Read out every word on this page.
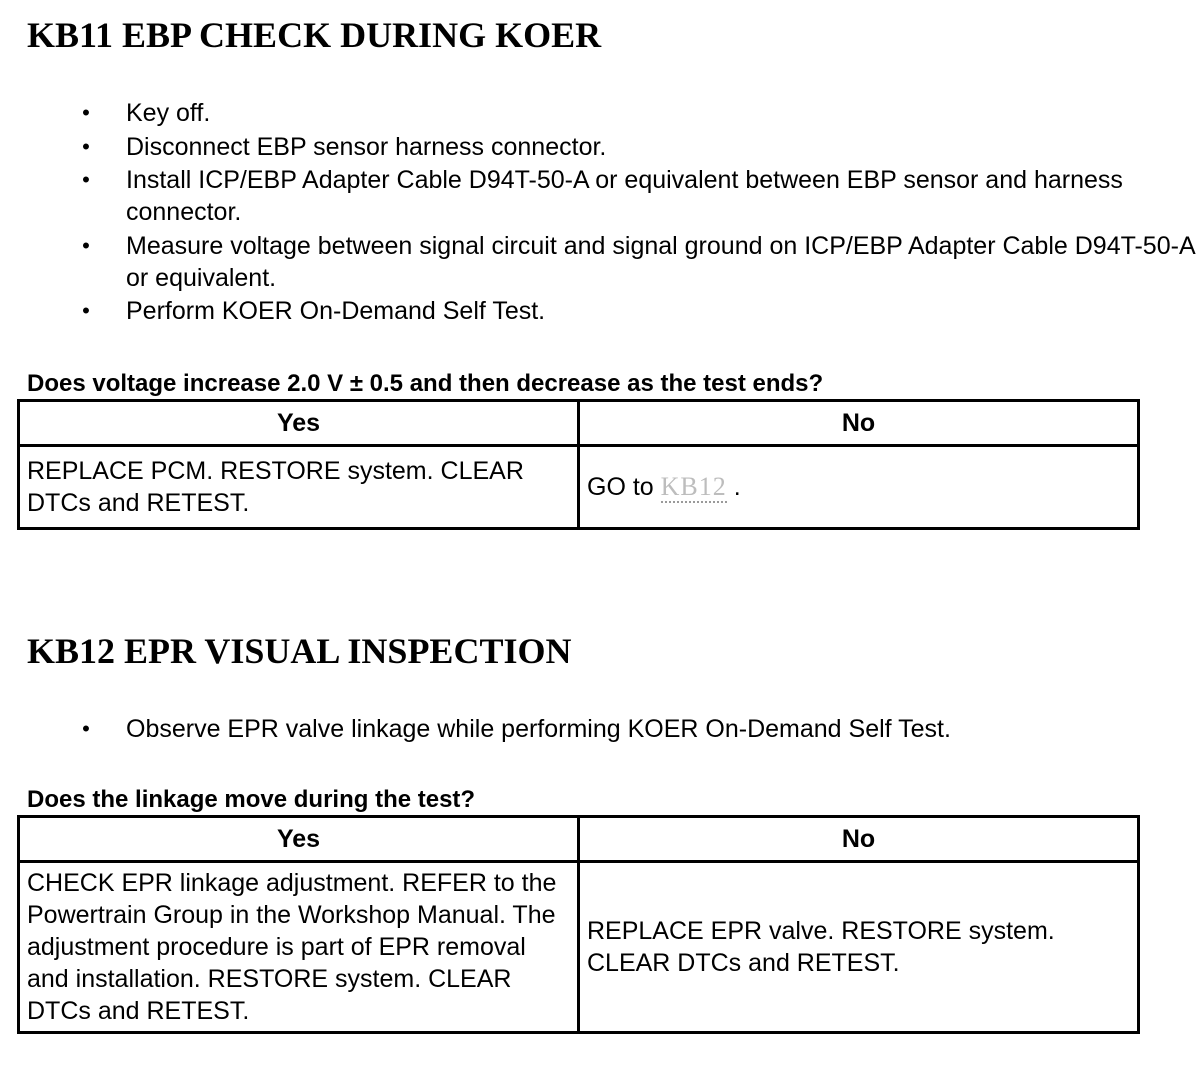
KB11 EBP CHECK DURING KOER
• Key off.
• Disconnect EBP sensor harness connector.
• Install ICP/EBP Adapter Cable D94T-50-A or equivalent between EBP sensor and harness connector.
• Measure voltage between signal circuit and signal ground on ICP/EBP Adapter Cable D94T-50-A or equivalent.
• Perform KOER On-Demand Self Test.

Does voltage increase 2.0 V ± 0.5 and then decrease as the test ends?

Yes	No
REPLACE PCM. RESTORE system. CLEAR DTCs and RETEST.	GO to KB12 .
KB12 EPR VISUAL INSPECTION
• Observe EPR valve linkage while performing KOER On-Demand Self Test.

Does the linkage move during the test?

Yes	No
CHECK EPR linkage adjustment. REFER to the Powertrain Group in the Workshop Manual. The adjustment procedure is part of EPR removal and installation. RESTORE system. CLEAR DTCs and RETEST.	REPLACE EPR valve. RESTORE system. CLEAR DTCs and RETEST.
